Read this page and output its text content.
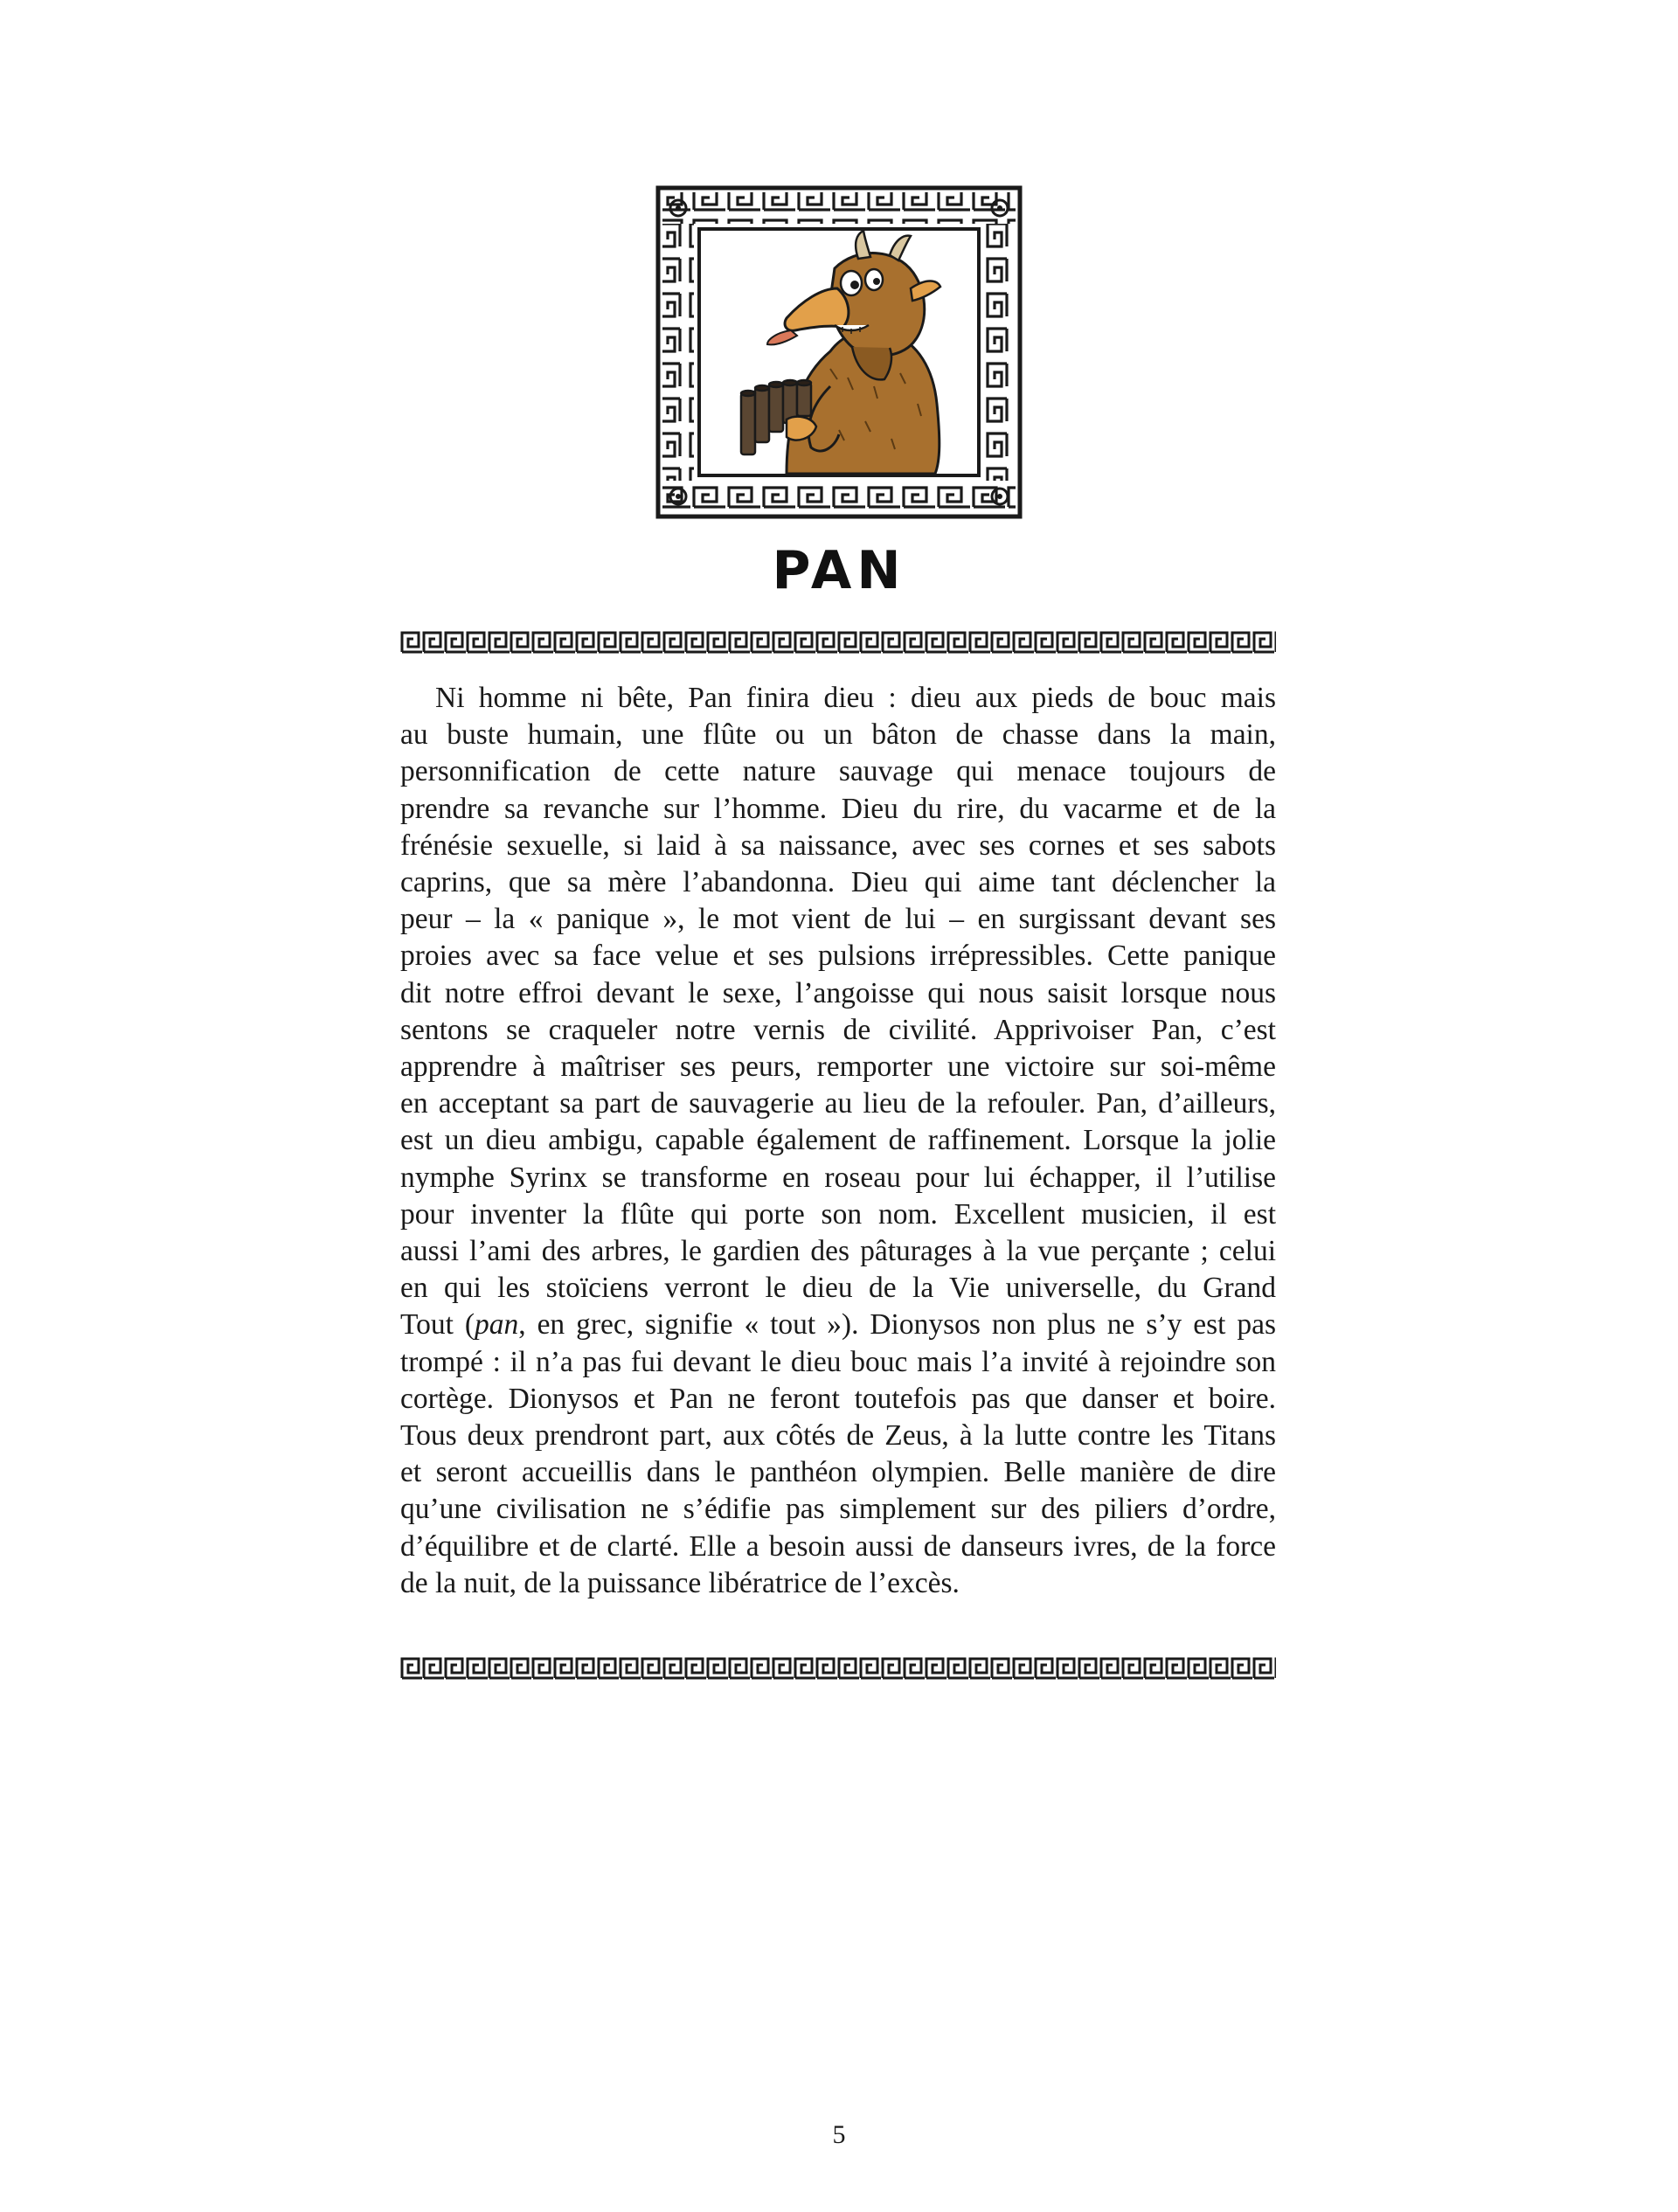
PAN
Ni homme ni bête, Pan finira dieu : dieu aux pieds de bouc mais
au buste humain, une flûte ou un bâton de chasse dans la main,
personnification de cette nature sauvage qui menace toujours de
prendre sa revanche sur l’homme. Dieu du rire, du vacarme et de la
frénésie sexuelle, si laid à sa naissance, avec ses cornes et ses sabots
caprins, que sa mère l’abandonna. Dieu qui aime tant déclencher la
peur – la « panique », le mot vient de lui – en surgissant devant ses
proies avec sa face velue et ses pulsions irrépressibles. Cette panique
dit notre effroi devant le sexe, l’angoisse qui nous saisit lorsque nous
sentons se craqueler notre vernis de civilité. Apprivoiser Pan, c’est
apprendre à maîtriser ses peurs, remporter une victoire sur soi-même
en acceptant sa part de sauvagerie au lieu de la refouler. Pan, d’ailleurs,
est un dieu ambigu, capable également de raffinement. Lorsque la jolie
nymphe Syrinx se transforme en roseau pour lui échapper, il l’utilise
pour inventer la flûte qui porte son nom. Excellent musicien, il est
aussi l’ami des arbres, le gardien des pâturages à la vue perçante ; celui
en qui les stoïciens verront le dieu de la Vie universelle, du Grand
Tout (pan, en grec, signifie « tout »). Dionysos non plus ne s’y est pas
trompé : il n’a pas fui devant le dieu bouc mais l’a invité à rejoindre son
cortège. Dionysos et Pan ne feront toutefois pas que danser et boire.
Tous deux prendront part, aux côtés de Zeus, à la lutte contre les Titans
et seront accueillis dans le panthéon olympien. Belle manière de dire
qu’une civilisation ne s’édifie pas simplement sur des piliers d’ordre,
d’équilibre et de clarté. Elle a besoin aussi de danseurs ivres, de la force
de la nuit, de la puissance libératrice de l’excès.
5
